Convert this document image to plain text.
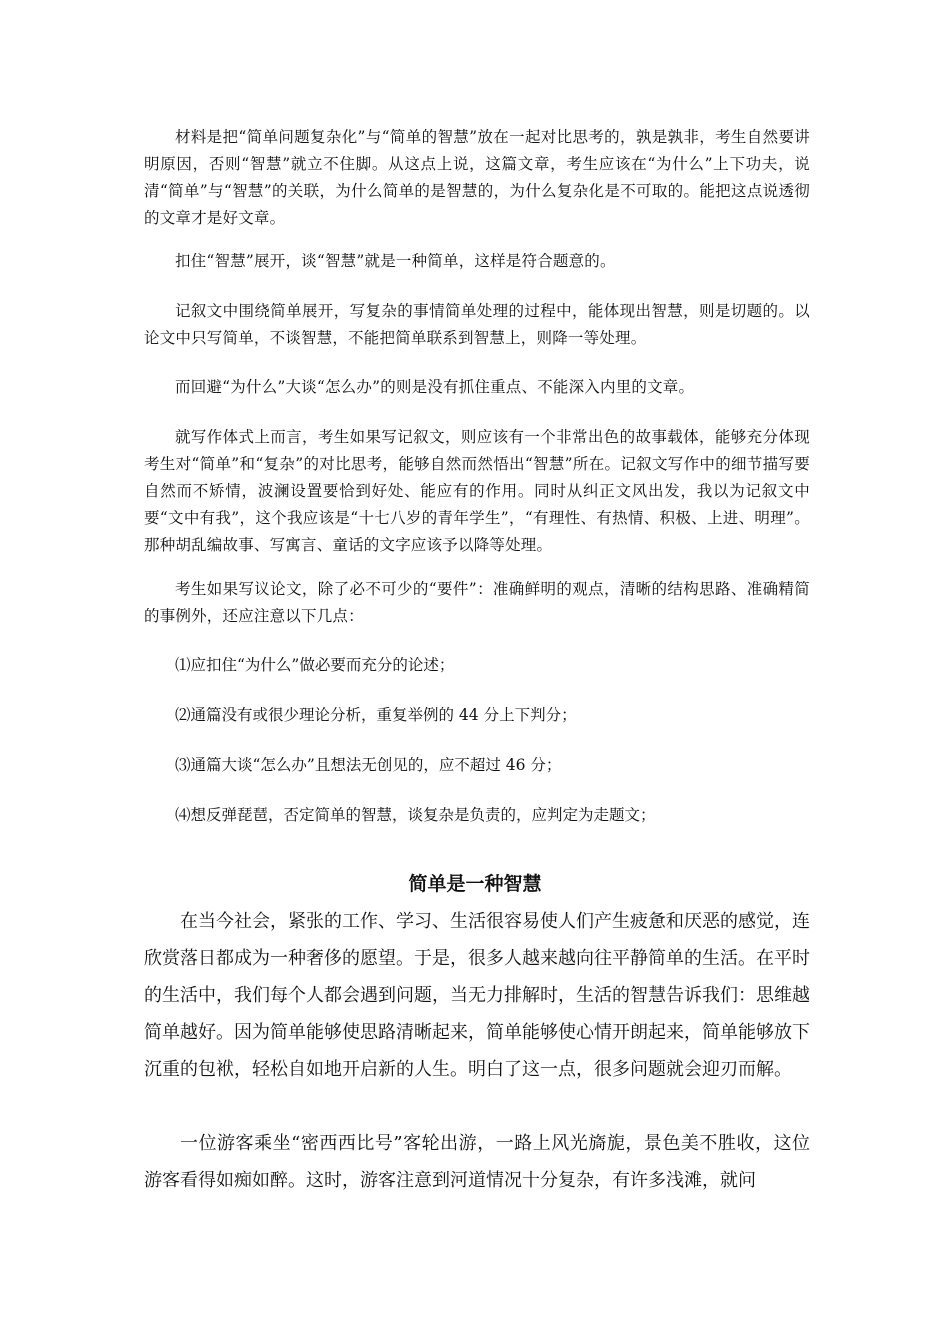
材料是把“简单问题复杂化”与“简单的智慧”放在一起对比思考的，孰是孰非，考生自然要讲明原因，否则“智慧”就立不住脚。从这点上说，这篇文章，考生应该在“为什么”上下功夫，说清“简单”与“智慧”的关联，为什么简单的是智慧的，为什么复杂化是不可取的。能把这点说透彻的文章才是好文章。

扣住“智慧”展开，谈“智慧”就是一种简单，这样是符合题意的。

记叙文中围绕简单展开，写复杂的事情简单处理的过程中，能体现出智慧，则是切题的。以论文中只写简单，不谈智慧，不能把简单联系到智慧上，则降一等处理。

而回避“为什么”大谈“怎么办”的则是没有抓住重点、不能深入内里的文章。

就写作体式上而言，考生如果写记叙文，则应该有一个非常出色的故事载体，能够充分体现考生对“简单”和“复杂”的对比思考，能够自然而然悟出“智慧”所在。记叙文写作中的细节描写要自然而不矫情，波澜设置要恰到好处、能应有的作用。同时从纠正文风出发，我以为记叙文中要“文中有我”，这个我应该是“十七八岁的青年学生”，“有理性、有热情、积极、上进、明理”。那种胡乱编故事、写寓言、童话的文字应该予以降等处理。

考生如果写议论文，除了必不可少的“要件”：准确鲜明的观点，清晰的结构思路、准确精简的事例外，还应注意以下几点：

⑴应扣住“为什么”做必要而充分的论述；

⑵通篇没有或很少理论分析，重复举例的 44 分上下判分；

⑶通篇大谈“怎么办”且想法无创见的，应不超过 46 分；

⑷想反弹琵琶，否定简单的智慧，谈复杂是负责的，应判定为走题文；

简单是一种智慧

在当今社会，紧张的工作、学习、生活很容易使人们产生疲惫和厌恶的感觉，连欣赏落日都成为一种奢侈的愿望。于是，很多人越来越向往平静简单的生活。在平时的生活中，我们每个人都会遇到问题，当无力排解时，生活的智慧告诉我们：思维越简单越好。因为简单能够使思路清晰起来，简单能够使心情开朗起来，简单能够放下沉重的包袱，轻松自如地开启新的人生。明白了这一点，很多问题就会迎刃而解。

一位游客乘坐“密西西比号”客轮出游，一路上风光旖旎，景色美不胜收，这位游客看得如痴如醉。这时，游客注意到河道情况十分复杂，有许多浅滩，就问
